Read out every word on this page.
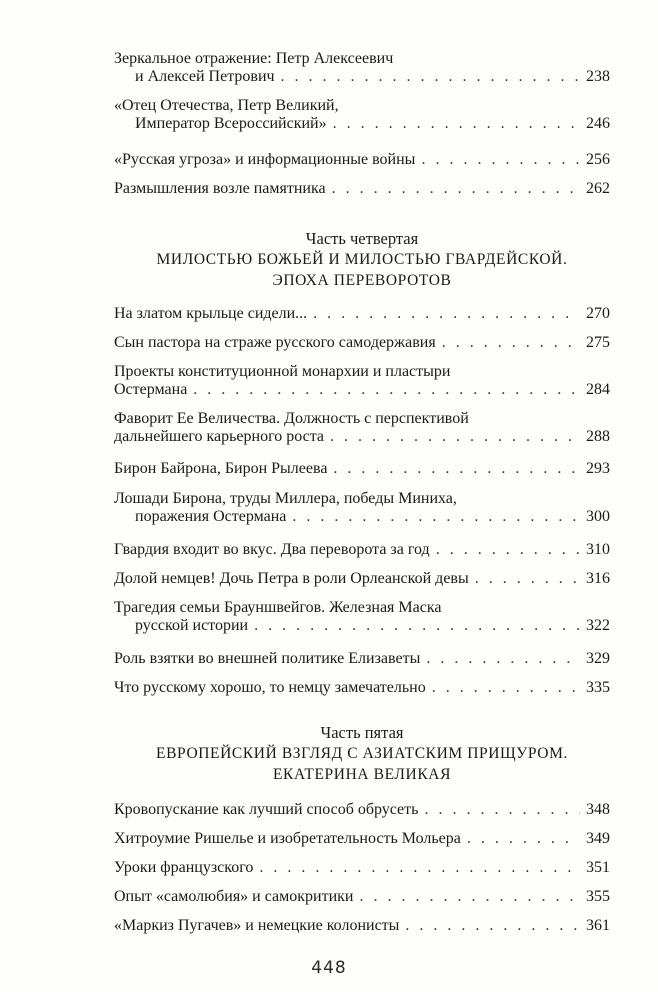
Зеркальное отражение: Петр Алексеевич
и Алексей Петрович . . .	238
«Отец Отечества, Петр Великий,
Император Всероссийский» . . .	246
«Русская угроза» и информационные войны . . .	256
Размышления возле памятника . . .	262
Часть четвертая
МИЛОСТЬЮ БОЖЬЕЙ И МИЛОСТЬЮ ГВАРДЕЙСКОЙ.
ЭПОХА ПЕРЕВОРОТОВ
На златом крыльце сидели... . . .	270
Сын пастора на страже русского самодержавия . . .	275
Проекты конституционной монархии и пластыри
Остермана . . .	284
Фаворит Ее Величества. Должность с перспективой
дальнейшего карьерного роста . . .	288
Бирон Байрона, Бирон Рылеева . . .	293
Лошади Бирона, труды Миллера, победы Миниха,
поражения Остермана . . .	300
Гвардия входит во вкус. Два переворота за год . . .	310
Долой немцев! Дочь Петра в роли Орлеанской девы . . .	316
Трагедия семьи Брауншвейгов. Железная Маска
русской истории . . .	322
Роль взятки во внешней политике Елизаветы . . .	329
Что русскому хорошо, то немцу замечательно . . .	335
Часть пятая
ЕВРОПЕЙСКИЙ ВЗГЛЯД С АЗИАТСКИМ ПРИЩУРОМ.
ЕКАТЕРИНА ВЕЛИКАЯ
Кровопускание как лучший способ обрусеть . . .	348
Хитроумие Ришелье и изобретательность Мольера . . .	349
Уроки французского . . .	351
Опыт «самолюбия» и самокритики . . .	355
«Маркиз Пугачев» и немецкие колонисты . . .	361
448
